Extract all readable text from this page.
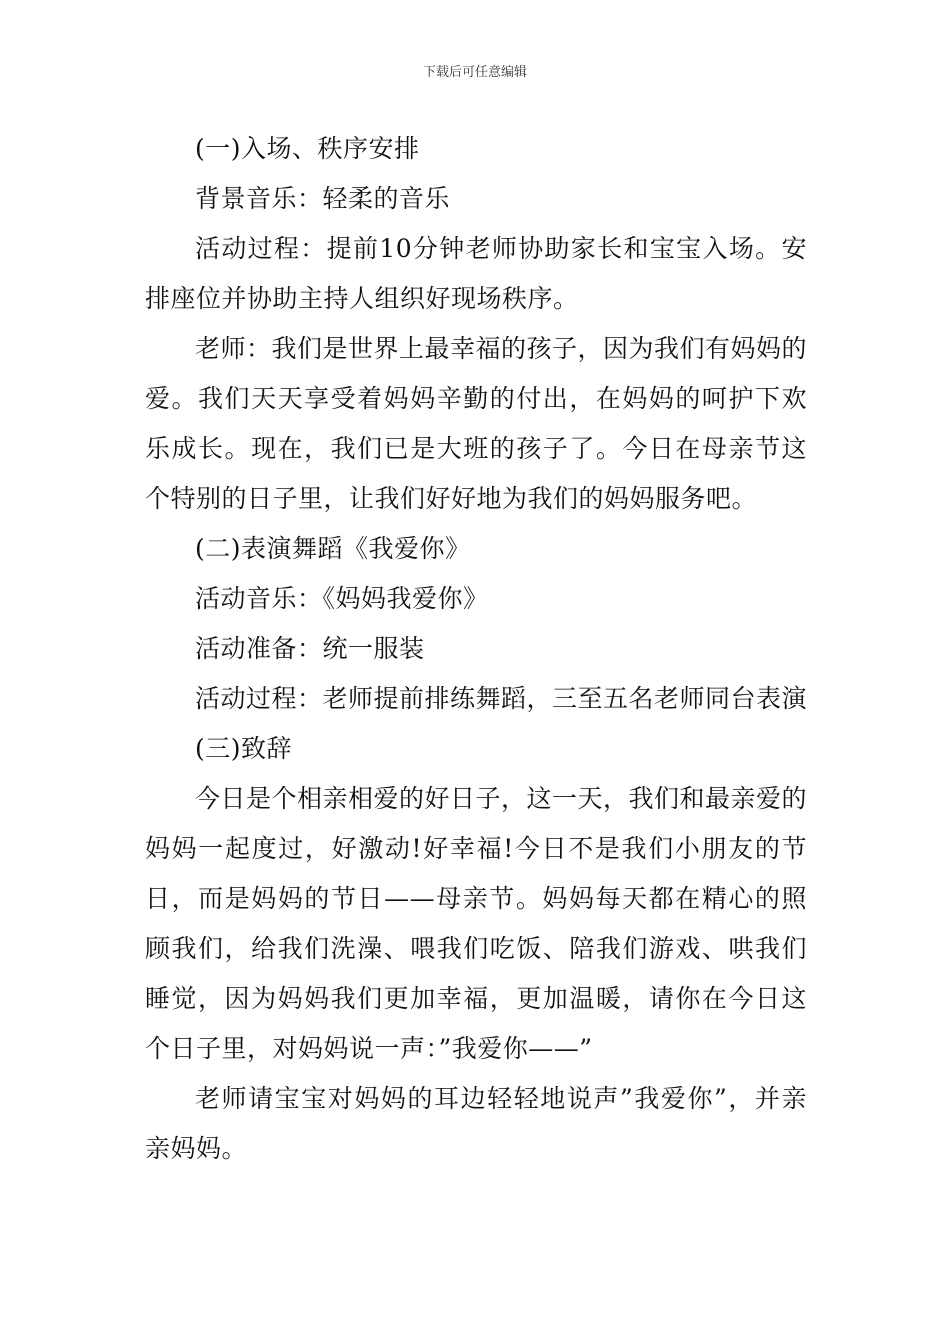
下载后可任意编辑

(一)入场、秩序安排

背景音乐：轻柔的音乐

活动过程：提前10分钟老师协助家长和宝宝入场。安排座位并协助主持人组织好现场秩序。

老师：我们是世界上最幸福的孩子，因为我们有妈妈的爱。我们天天享受着妈妈辛勤的付出，在妈妈的呵护下欢乐成长。现在，我们已是大班的孩子了。今日在母亲节这个特别的日子里，让我们好好地为我们的妈妈服务吧。

(二)表演舞蹈《我爱你》

活动音乐：《妈妈我爱你》

活动准备：统一服装

活动过程：老师提前排练舞蹈，三至五名老师同台表演

(三)致辞

今日是个相亲相爱的好日子，这一天，我们和最亲爱的妈妈一起度过，好激动!好幸福!今日不是我们小朋友的节日，而是妈妈的节日——母亲节。妈妈每天都在精心的照顾我们，给我们洗澡、喂我们吃饭、陪我们游戏、哄我们睡觉，因为妈妈我们更加幸福，更加温暖，请你在今日这个日子里，对妈妈说一声：”我爱你——”

老师请宝宝对妈妈的耳边轻轻地说声”我爱你”，并亲亲妈妈。
